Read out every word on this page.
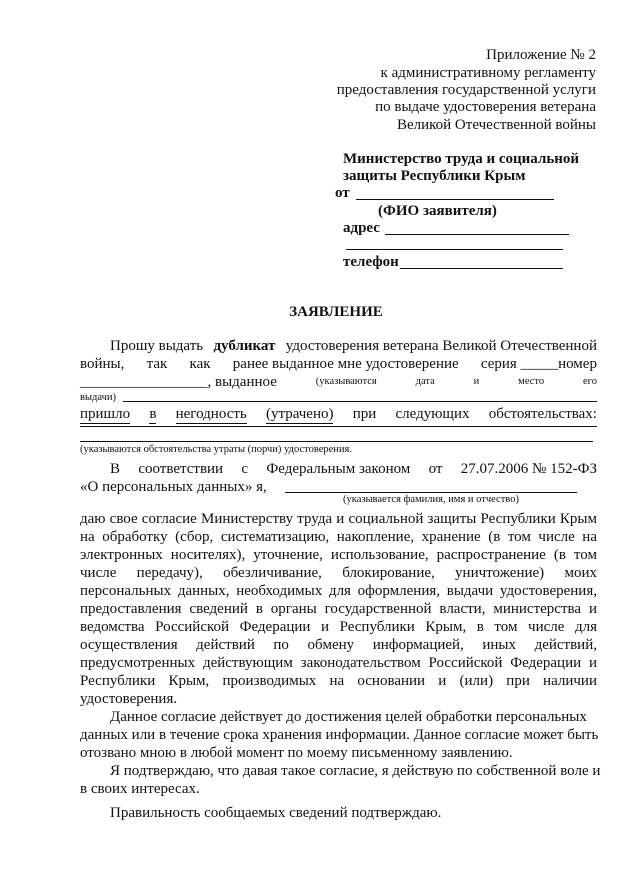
Приложение № 2
к административному регламенту
предоставления государственной услуги
по выдаче удостоверения ветерана
Великой Отечественной войны
Министерство труда и социальной
защиты Республики Крым
от
(ФИО заявителя)
адрес
телефон
ЗАЯВЛЕНИЕ
Прошу выдать дубликат удостоверения ветерана Великой Отечественной
войны, так как ранее выданное мне удостоверение серия _____номер
_________________, выданное	(указываются	дата	и	место	его
выдачи)
пришло в негодность (утрачено) при следующих обстоятельствах:
(указываются обстоятельства утраты (порчи) удостоверения.
В соответствии с Федеральным законом от 27.07.2006 № 152-ФЗ
«О персональных данных» я,
(указывается фамилия, имя и отчество)
даю свое согласие Министерству труда и социальной защиты Республики Крым
на обработку (сбор, систематизацию, накопление, хранение (в том числе на
электронных носителях), уточнение, использование, распространение (в том
числе передачу), обезличивание, блокирование, уничтожение) моих
персональных данных, необходимых для оформления, выдачи удостоверения,
предоставления сведений в органы государственной власти, министерства и
ведомства Российской Федерации и Республики Крым, в том числе для
осуществления действий по обмену информацией, иных действий,
предусмотренных действующим законодательством Российской Федерации и
Республики Крым, производимых на основании и (или) при наличии
удостоверения.
Данное согласие действует до достижения целей обработки персональных
данных или в течение срока хранения информации. Данное согласие может быть
отозвано мною в любой момент по моему письменному заявлению.
Я подтверждаю, что давая такое согласие, я действую по собственной воле и
в своих интересах.
Правильность сообщаемых сведений подтверждаю.
